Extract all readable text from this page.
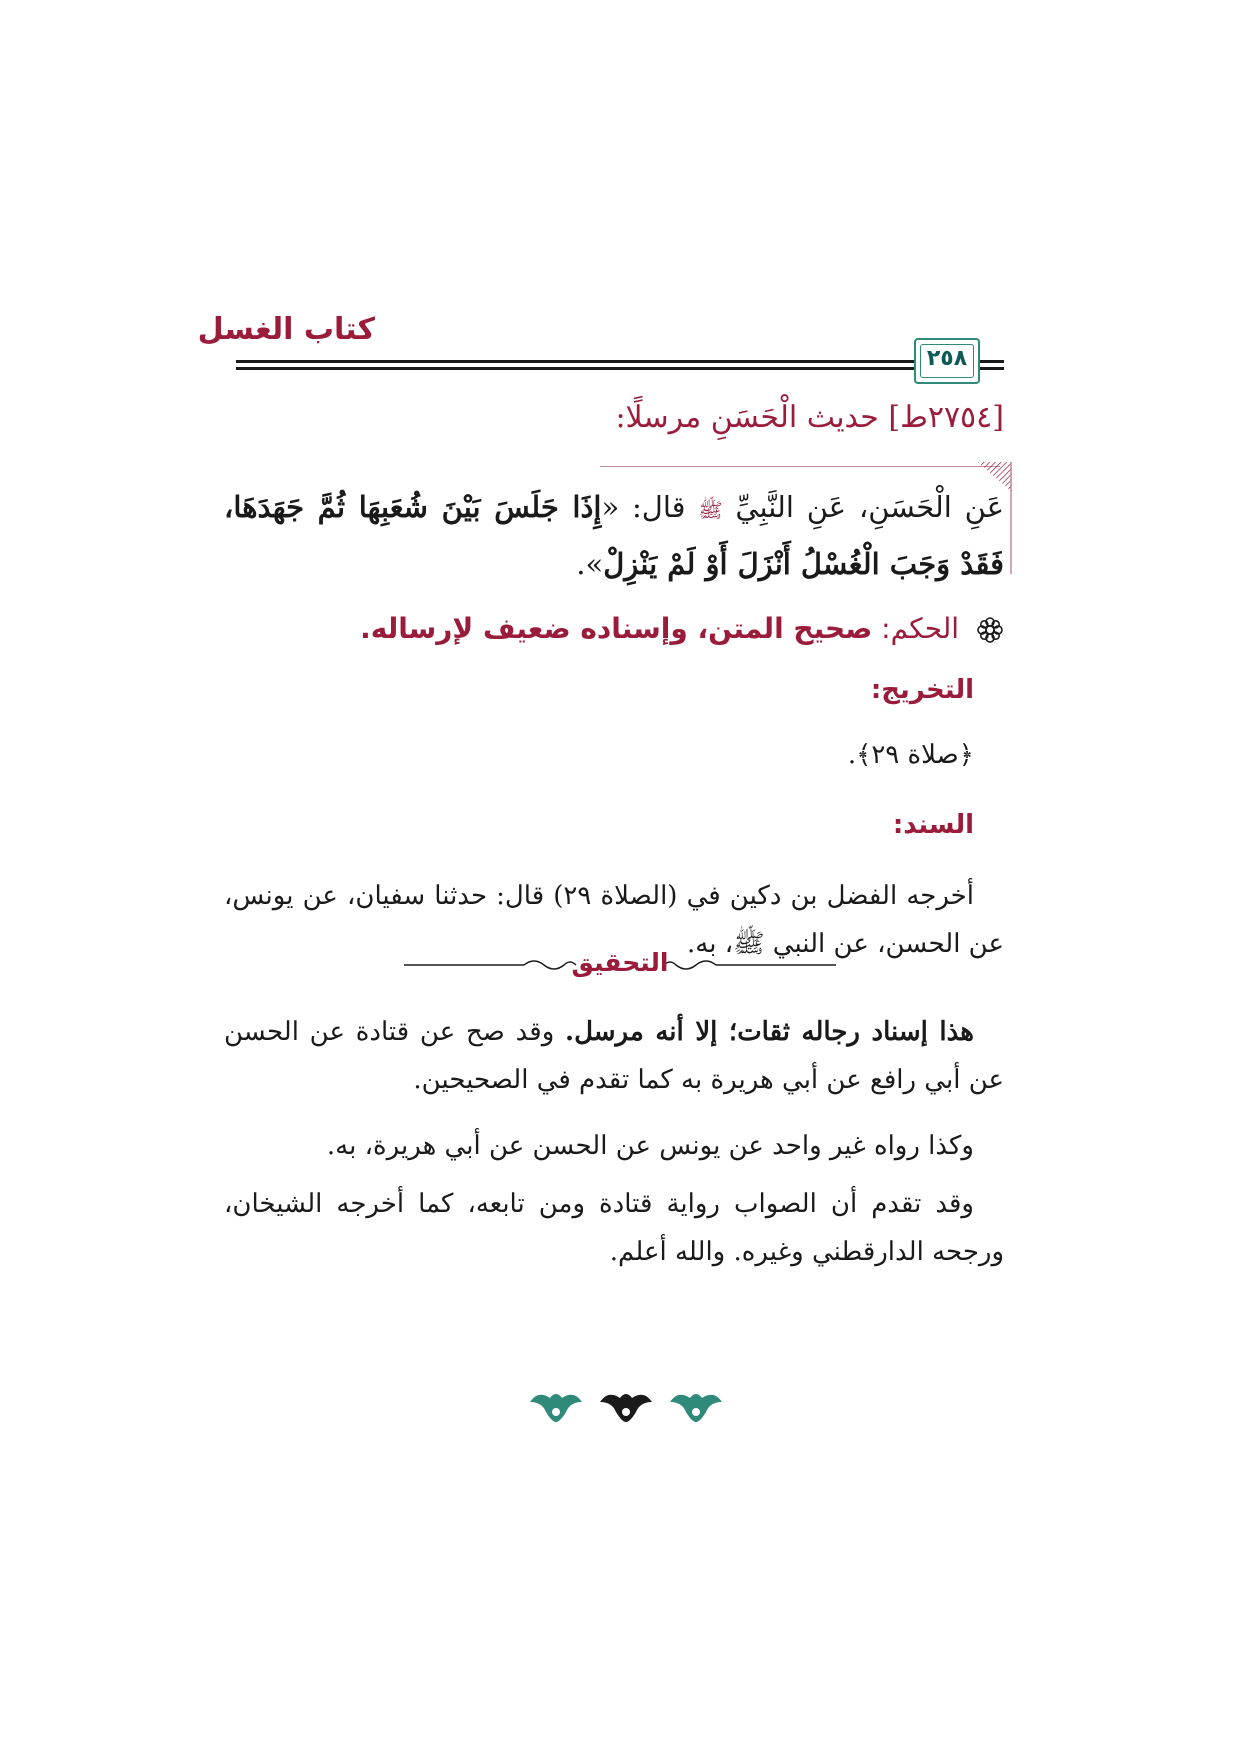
كتاب الغسل
٢٥٨
[٢٧٥٤ط] حديث الْحَسَنِ مرسلًا:
عَنِ الْحَسَنِ، عَنِ النَّبِيِّ ﷺ قال: «إِذَا جَلَسَ بَيْنَ شُعَبِهَا ثُمَّ جَهَدَهَا، فَقَدْ وَجَبَ الْغُسْلُ أَنْزَلَ أَوْ لَمْ يَنْزِلْ».
الحكم: صحيح المتن، وإسناده ضعيف لإرساله.
التخريج:
﴿صلاة ٢٩﴾.
السند:
أخرجه الفضل بن دكين في (الصلاة ٢٩) قال: حدثنا سفيان، عن يونس، عن الحسن، عن النبي ﷺ، به.
التحقيق
هذا إسناد رجاله ثقات؛ إلا أنه مرسل. وقد صح عن قتادة عن الحسن عن أبي رافع عن أبي هريرة به كما تقدم في الصحيحين.
وكذا رواه غير واحد عن يونس عن الحسن عن أبي هريرة، به.
وقد تقدم أن الصواب رواية قتادة ومن تابعه، كما أخرجه الشيخان، ورجحه الدارقطني وغيره. والله أعلم.
